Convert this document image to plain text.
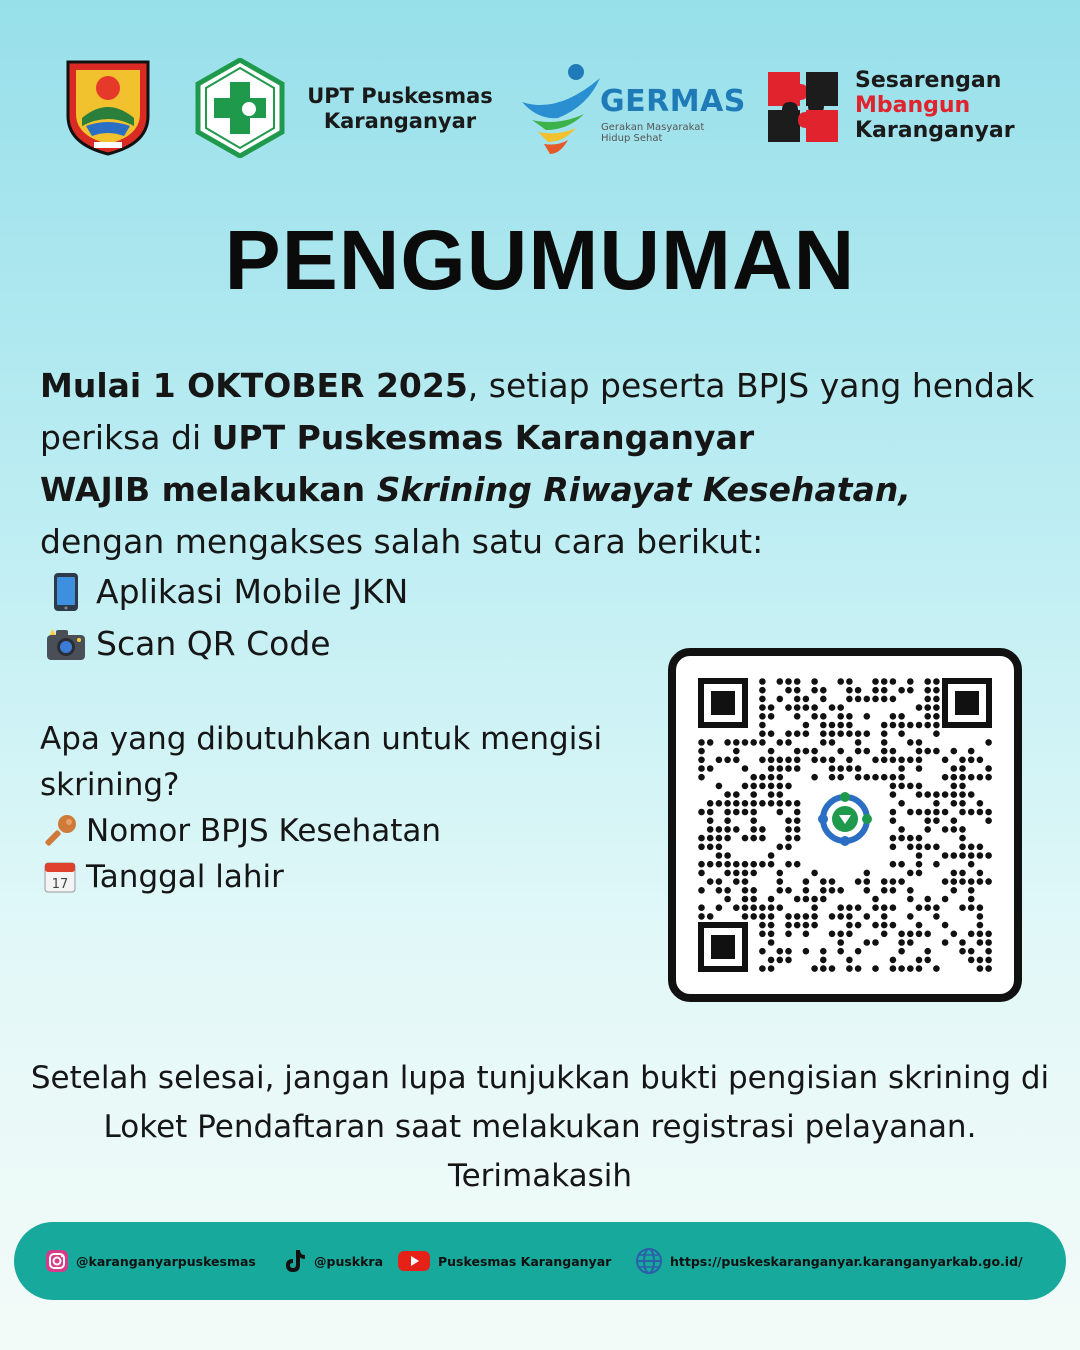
UPT Puskesmas
Karanganyar
GERMAS
Gerakan Masyarakat
Hidup Sehat
Sesarengan
Mbangun
Karanganyar
PENGUMUMAN
Mulai 1 OKTOBER 2025, setiap peserta BPJS yang hendak periksa di UPT Puskesmas Karanganyar
WAJIB melakukan Skrining Riwayat Kesehatan,
dengan mengakses salah satu cara berikut:
Aplikasi Mobile JKN
Scan QR Code
Apa yang dibutuhkan untuk mengisi skrining?
Nomor BPJS Kesehatan
17 Tanggal lahir
Setelah selesai, jangan lupa tunjukkan bukti pengisian skrining di Loket Pendaftaran saat melakukan registrasi pelayanan. Terimakasih
@karanganyarpuskesmas	@puskkra	Puskesmas Karanganyar	https://puskeskaranganyar.karanganyarkab.go.id/
